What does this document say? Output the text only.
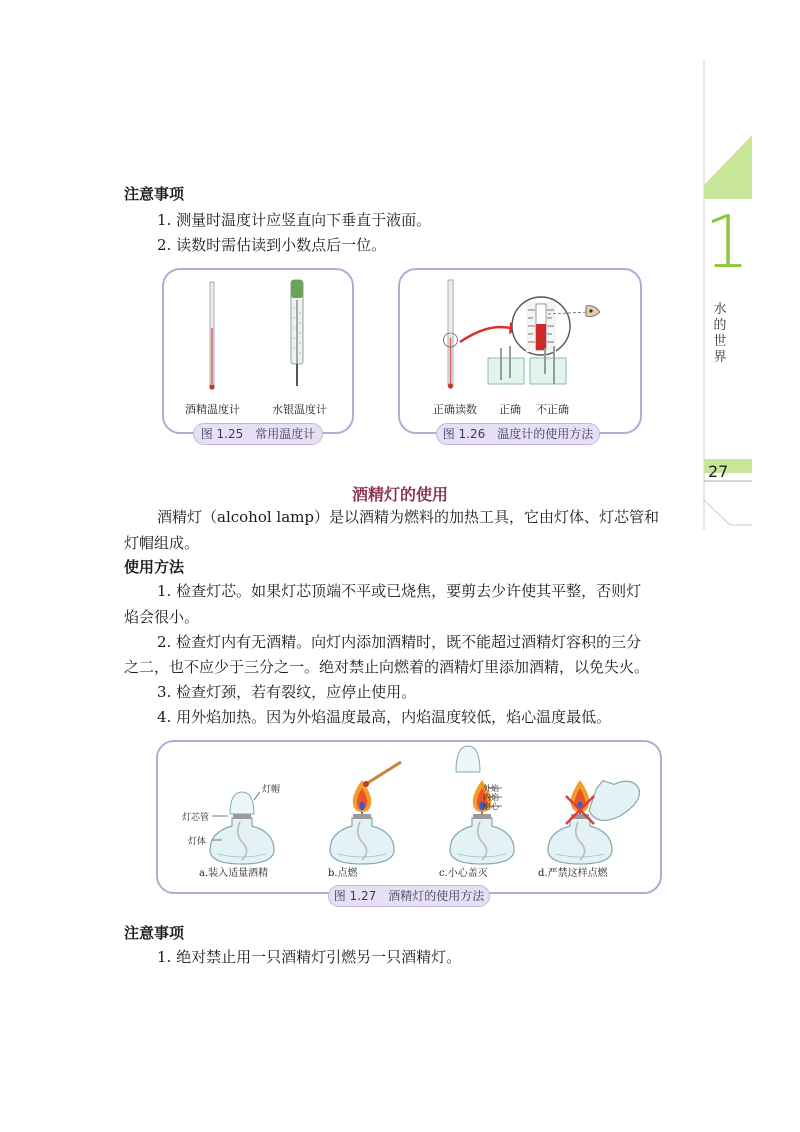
1
水
的
世
界
27
注意事项
1. 测量时温度计应竖直向下垂直于液面。
2. 读数时需估读到小数点后一位。
酒精温度计	水银温度计
图 1.25　常用温度计
正确读数 正确 不正确
图 1.26　温度计的使用方法
酒精灯的使用
酒精灯（alcohol lamp）是以酒精为燃料的加热工具，它由灯体、灯芯管和
灯帽组成。
使用方法
1. 检查灯芯。如果灯芯顶端不平或已烧焦，要剪去少许使其平整，否则灯
焰会很小。
2. 检查灯内有无酒精。向灯内添加酒精时，既不能超过酒精灯容积的三分
之二，也不应少于三分之一。绝对禁止向燃着的酒精灯里添加酒精，以免失火。
3. 检查灯颈，若有裂纹，应停止使用。
4. 用外焰加热。因为外焰温度最高，内焰温度较低，焰心温度最低。
灯帽
灯芯管
灯体
外焰
内焰
焰心
a.装入适量酒精	b.点燃	c.小心盖灭	d.严禁这样点燃
图 1.27　酒精灯的使用方法
注意事项
1. 绝对禁止用一只酒精灯引燃另一只酒精灯。
